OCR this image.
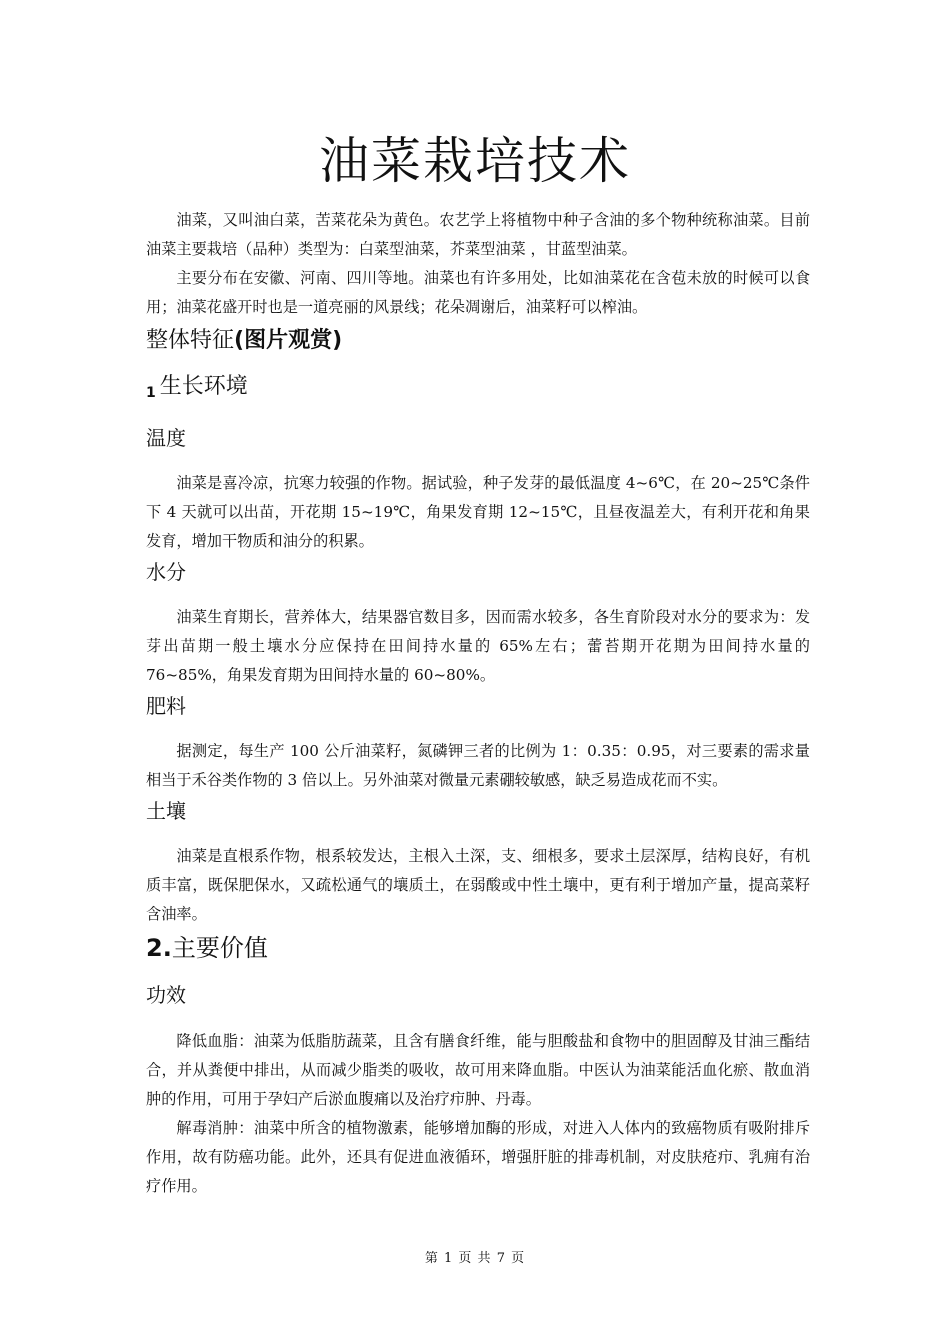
油菜栽培技术

油菜，又叫油白菜，苦菜花朵为黄色。农艺学上将植物中种子含油的多个物种统称油菜。目前油菜主要栽培（品种）类型为：白菜型油菜，芥菜型油菜 ，甘蓝型油菜。

主要分布在安徽、河南、四川等地。油菜也有许多用处，比如油菜花在含苞未放的时候可以食用；油菜花盛开时也是一道亮丽的风景线；花朵凋谢后，油菜籽可以榨油。

整体特征(图片观赏)
1 生长环境
温度

油菜是喜冷凉，抗寒力较强的作物。据试验，种子发芽的最低温度 4~6℃，在 20~25℃条件下 4 天就可以出苗，开花期 15~19℃，角果发育期 12~15℃，且昼夜温差大，有利开花和角果发育，增加干物质和油分的积累。

水分

油菜生育期长，营养体大，结果器官数目多，因而需水较多，各生育阶段对水分的要求为：发芽出苗期一般土壤水分应保持在田间持水量的 65%左右；蕾苔期开花期为田间持水量的 76~85%，角果发育期为田间持水量的 60~80%。

肥料

据测定，每生产 100 公斤油菜籽，氮磷钾三者的比例为 1：0.35：0.95，对三要素的需求量相当于禾谷类作物的 3 倍以上。另外油菜对微量元素硼较敏感，缺乏易造成花而不实。

土壤

油菜是直根系作物，根系较发达，主根入土深，支、细根多，要求土层深厚，结构良好，有机质丰富，既保肥保水，又疏松通气的壤质土，在弱酸或中性土壤中，更有利于增加产量，提高菜籽含油率。

2.主要价值
功效

降低血脂：油菜为低脂肪蔬菜，且含有膳食纤维，能与胆酸盐和食物中的胆固醇及甘油三酯结合，并从粪便中排出，从而减少脂类的吸收，故可用来降血脂。中医认为油菜能活血化瘀、散血消肿的作用，可用于孕妇产后淤血腹痛以及治疗疖肿、丹毒。

解毒消肿：油菜中所含的植物激素，能够增加酶的形成，对进入人体内的致癌物质有吸附排斥作用，故有防癌功能。此外，还具有促进血液循环，增强肝脏的排毒机制，对皮肤疮疖、乳痈有治疗作用。

第 1 页 共 7 页
